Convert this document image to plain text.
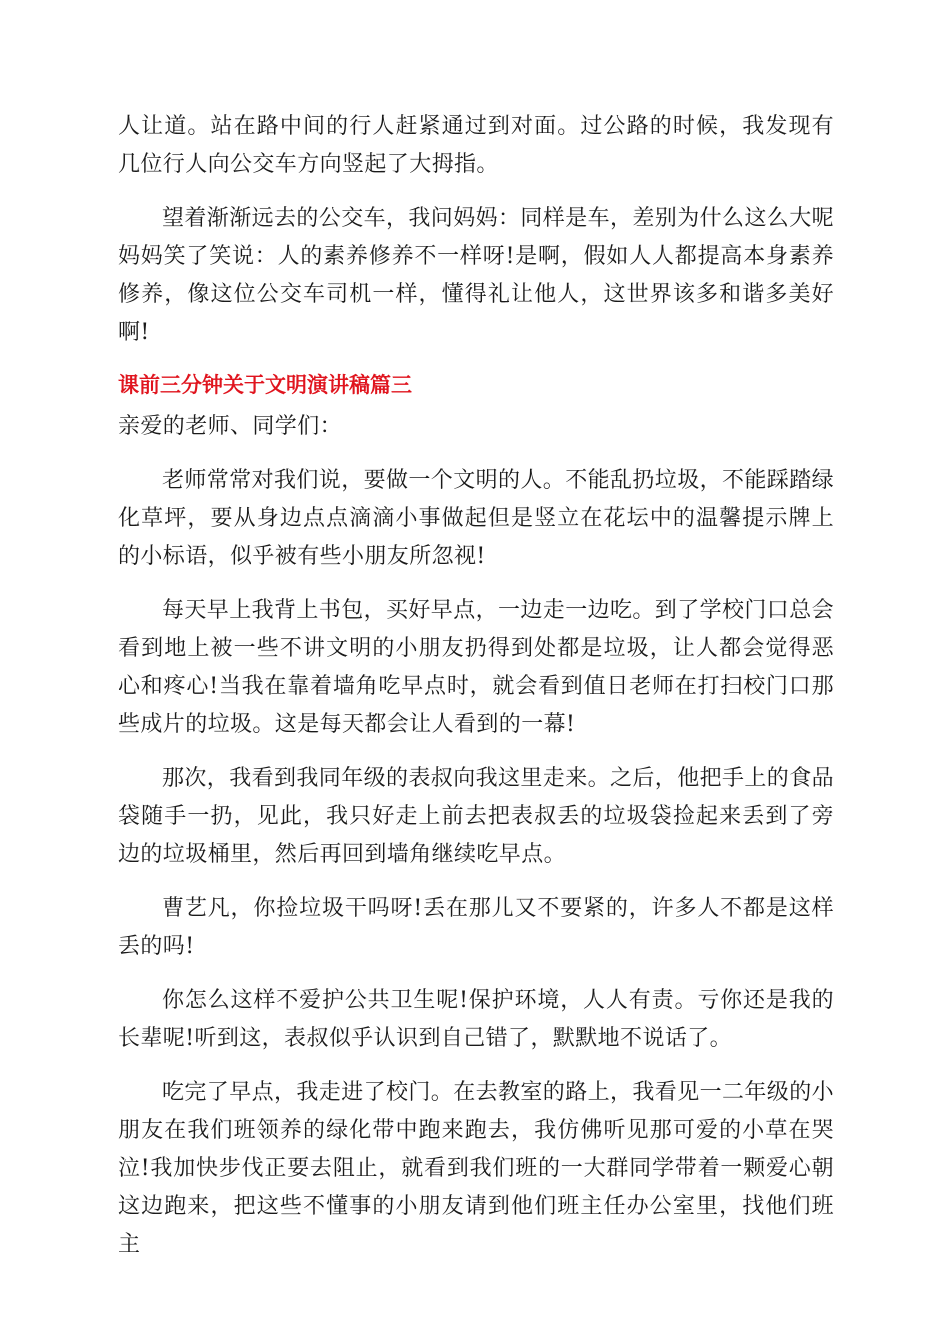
人让道。站在路中间的行人赶紧通过到对面。过公路的时候，我发现有几位行人向公交车方向竖起了大拇指。

望着渐渐远去的公交车，我问妈妈：同样是车，差别为什么这么大呢妈妈笑了笑说：人的素养修养不一样呀!是啊，假如人人都提高本身素养修养，像这位公交车司机一样，懂得礼让他人，这世界该多和谐多美好啊!

课前三分钟关于文明演讲稿篇三

亲爱的老师、同学们：

老师常常对我们说，要做一个文明的人。不能乱扔垃圾，不能踩踏绿化草坪，要从身边点点滴滴小事做起但是竖立在花坛中的温馨提示牌上的小标语，似乎被有些小朋友所忽视!

每天早上我背上书包，买好早点，一边走一边吃。到了学校门口总会看到地上被一些不讲文明的小朋友扔得到处都是垃圾，让人都会觉得恶心和疼心!当我在靠着墙角吃早点时，就会看到值日老师在打扫校门口那些成片的垃圾。这是每天都会让人看到的一幕!

那次，我看到我同年级的表叔向我这里走来。之后，他把手上的食品袋随手一扔，见此，我只好走上前去把表叔丢的垃圾袋捡起来丢到了旁边的垃圾桶里，然后再回到墙角继续吃早点。

曹艺凡，你捡垃圾干吗呀!丢在那儿又不要紧的，许多人不都是这样丢的吗!

你怎么这样不爱护公共卫生呢!保护环境，人人有责。亏你还是我的长辈呢!听到这，表叔似乎认识到自己错了，默默地不说话了。

吃完了早点，我走进了校门。在去教室的路上，我看见一二年级的小朋友在我们班领养的绿化带中跑来跑去，我仿佛听见那可爱的小草在哭泣!我加快步伐正要去阻止，就看到我们班的一大群同学带着一颗爱心朝这边跑来，把这些不懂事的小朋友请到他们班主任办公室里，找他们班主
